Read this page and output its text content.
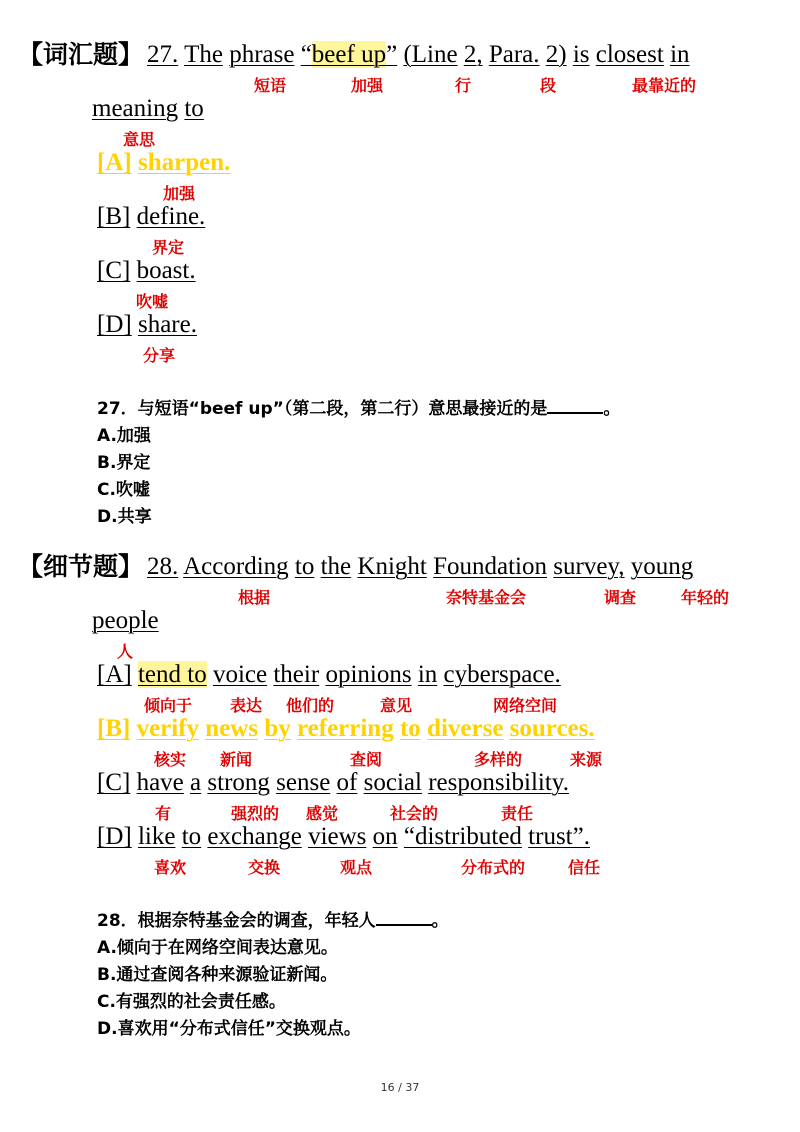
【词汇题】 27. The phrase “beef up” (Line 2, Para. 2) is closest in
短语	加强	行	段	最靠近的
meaning to
意思
[A] sharpen.
加强
[B] define.
界定
[C] boast.
吹嘘
[D] share.
分享
27．与短语“beef up”（第二段，第二行）意思最接近的是	。
A.加强
B.界定
C.吹嘘
D.共享
【细节题】 28. According to the Knight Foundation survey, young
根据	奈特基金会	调查	年轻的
people
人
[A] tend to voice their opinions in cyberspace.
倾向于 表达 他们的	意见	网络空间
[B] verify news by referring to diverse sources.
核实 新闻	查阅	多样的	来源
[C] have a strong sense of social responsibility.
有	强烈的 感觉	社会的	责任
[D] like to exchange views on “distributed trust”.
喜欢	交换	观点	分布式的	信任
28．根据奈特基金会的调查，年轻人	。
A.倾向于在网络空间表达意见。
B.通过查阅各种来源验证新闻。
C.有强烈的社会责任感。
D.喜欢用“分布式信任”交换观点。
16 / 37
